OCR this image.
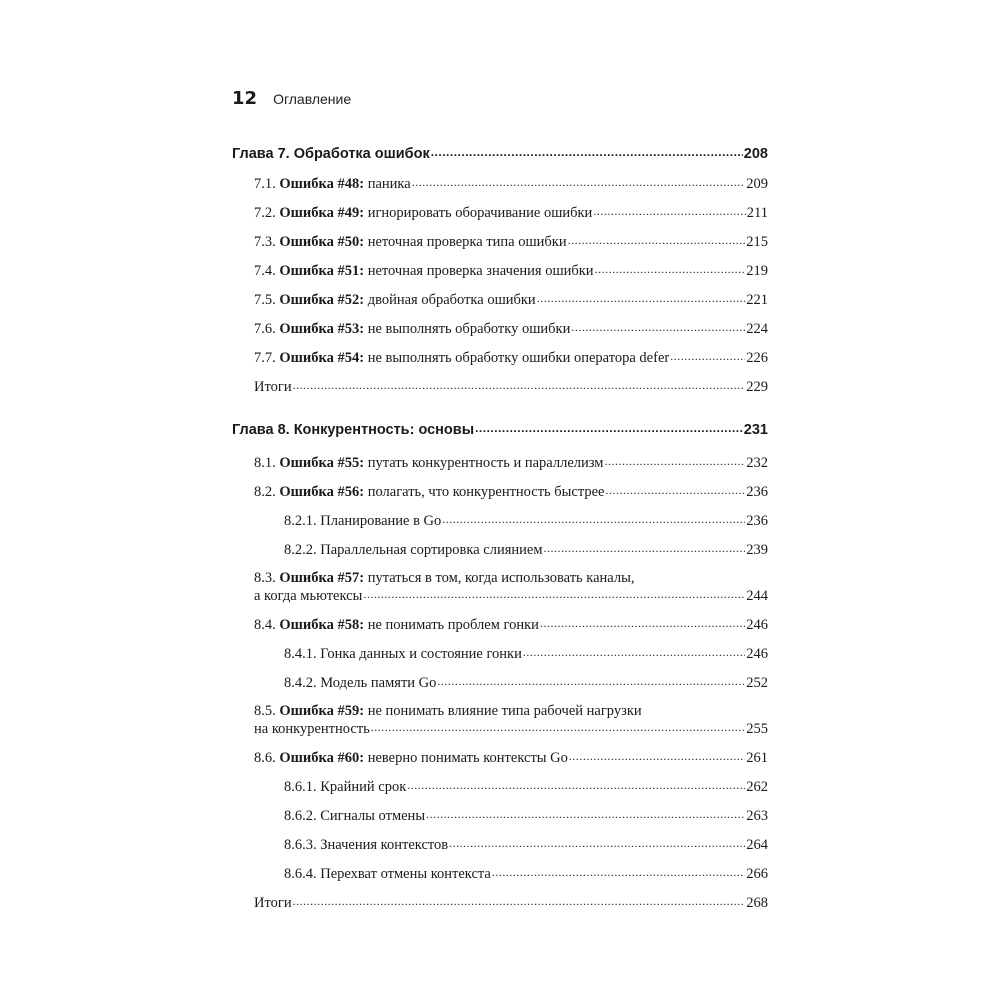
12 Оглавление
Глава 7. Обработка ошибок .....	208
7.1. Ошибка #48: паника .....	209
7.2. Ошибка #49: игнорировать оборачивание ошибки .....	211
7.3. Ошибка #50: неточная проверка типа ошибки .....	215
7.4. Ошибка #51: неточная проверка значения ошибки .....	219
7.5. Ошибка #52: двойная обработка ошибки .....	221
7.6. Ошибка #53: не выполнять обработку ошибки .....	224
7.7. Ошибка #54: не выполнять обработку ошибки оператора defer .....	226
Итоги .....	229
Глава 8. Конкурентность: основы .....	231
8.1. Ошибка #55: путать конкурентность и параллелизм .....	232
8.2. Ошибка #56: полагать, что конкурентность быстрее .....	236
8.2.1. Планирование в Go .....	236
8.2.2. Параллельная сортировка слиянием .....	239
8.3. Ошибка #57: путаться в том, когда использовать каналы,
а когда мьютексы .....	244
8.4. Ошибка #58: не понимать проблем гонки .....	246
8.4.1. Гонка данных и состояние гонки .....	246
8.4.2. Модель памяти Go .....	252
8.5. Ошибка #59: не понимать влияние типа рабочей нагрузки
на конкурентность .....	255
8.6. Ошибка #60: неверно понимать контексты Go .....	261
8.6.1. Крайний срок .....	262
8.6.2. Сигналы отмены .....	263
8.6.3. Значения контекстов .....	264
8.6.4. Перехват отмены контекста .....	266
Итоги .....	268
